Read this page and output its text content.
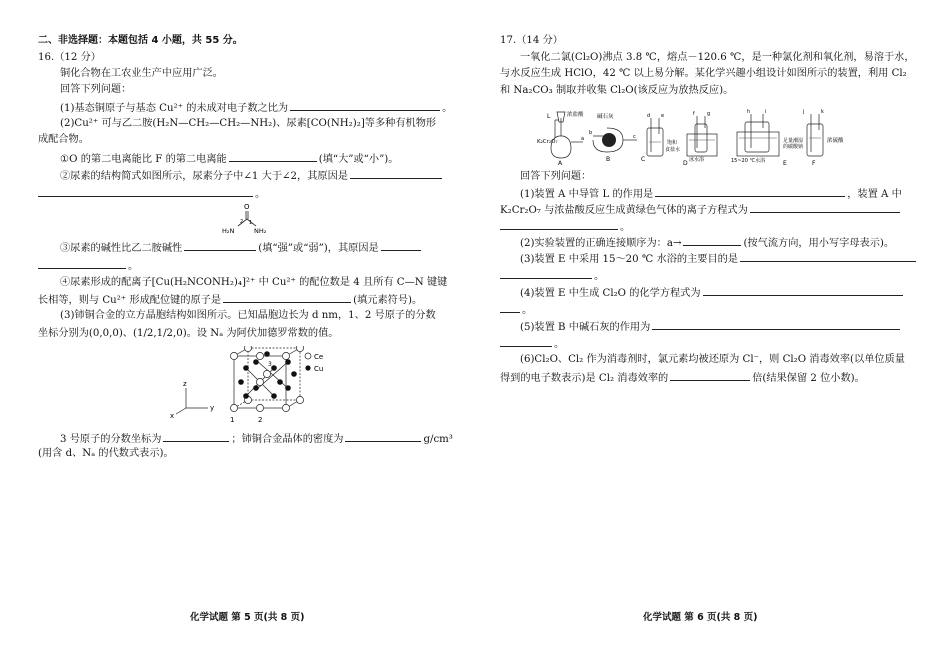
二、非选择题：本题包括 4 小题，共 55 分。
16.（12 分）
铜化合物在工农业生产中应用广泛。
回答下列问题：
(1)基态铜原子与基态 Cu²⁺ 的未成对电子数之比为	。
(2)Cu²⁺ 可与乙二胺(H₂N—CH₂—CH₂—NH₂)、尿素[CO(NH₂)₂]等多种有机物形
成配合物。
①O 的第二电离能比 F 的第二电离能	(填“大”或“小”)。
②尿素的结构简式如图所示，尿素分子中∠1 大于∠2，其原因是
。
O
H₂N	NH₂
1
2
③尿素的碱性比乙二胺碱性	(填“强”或“弱”)，其原因是
。
④尿素形成的配离子[Cu(H₂NCONH₂)₄]²⁺ 中 Cu²⁺ 的配位数是 4 且所有 C—N 键键
长相等，则与 Cu²⁺ 形成配位键的原子是	(填元素符号)。
(3)铈铜合金的立方晶胞结构如图所示。已知晶胞边长为 d nm，1、2 号原子的分数
坐标分别为(0,0,0)、(1/2,1/2,0)。设 Nₐ 为阿伏加德罗常数的值。
Ce
Cu
z
y
x	1	2
3
3 号原子的分数坐标为	；铈铜合金晶体的密度为	g/cm³
(用含 d、Nₐ 的代数式表示)。
化学试题 第 5 页(共 8 页)
17.（14 分）
一氧化二氯(Cl₂O)沸点 3.8 ℃，熔点－120.6 ℃，是一种氯化剂和氧化剂，易溶于水，
与水反应生成 HClO，42 ℃ 以上易分解。某化学兴趣小组设计如图所示的装置，利用 Cl₂
和 Na₂CO₃ 制取并收集 Cl₂O(该反应为放热反应)。
L	浓盐酸
K₂Cr₂O₇
碱石灰
饱和
食盐水
冰水浴	15~20 ℃水浴
足量潮湿
的碳酸钠
浓硫酸
A
B	C
D	E	F
a
b
c
d e	f g	h	i	j	k
回答下列问题：
(1)装置 A 中导管 L 的作用是	，装置 A 中
K₂Cr₂O₇ 与浓盐酸反应生成黄绿色气体的离子方程式为
。
(2)实验装置的正确连接顺序为：a→	(按气流方向，用小写字母表示)。
(3)装置 E 中采用 15～20 ℃ 水浴的主要目的是
。
(4)装置 E 中生成 Cl₂O 的化学方程式为
。
(5)装置 B 中碱石灰的作用为
。
(6)Cl₂O、Cl₂ 作为消毒剂时，氯元素均被还原为 Cl⁻，则 Cl₂O 消毒效率(以单位质量
得到的电子数表示)是 Cl₂ 消毒效率的	倍(结果保留 2 位小数)。
化学试题 第 6 页(共 8 页)
